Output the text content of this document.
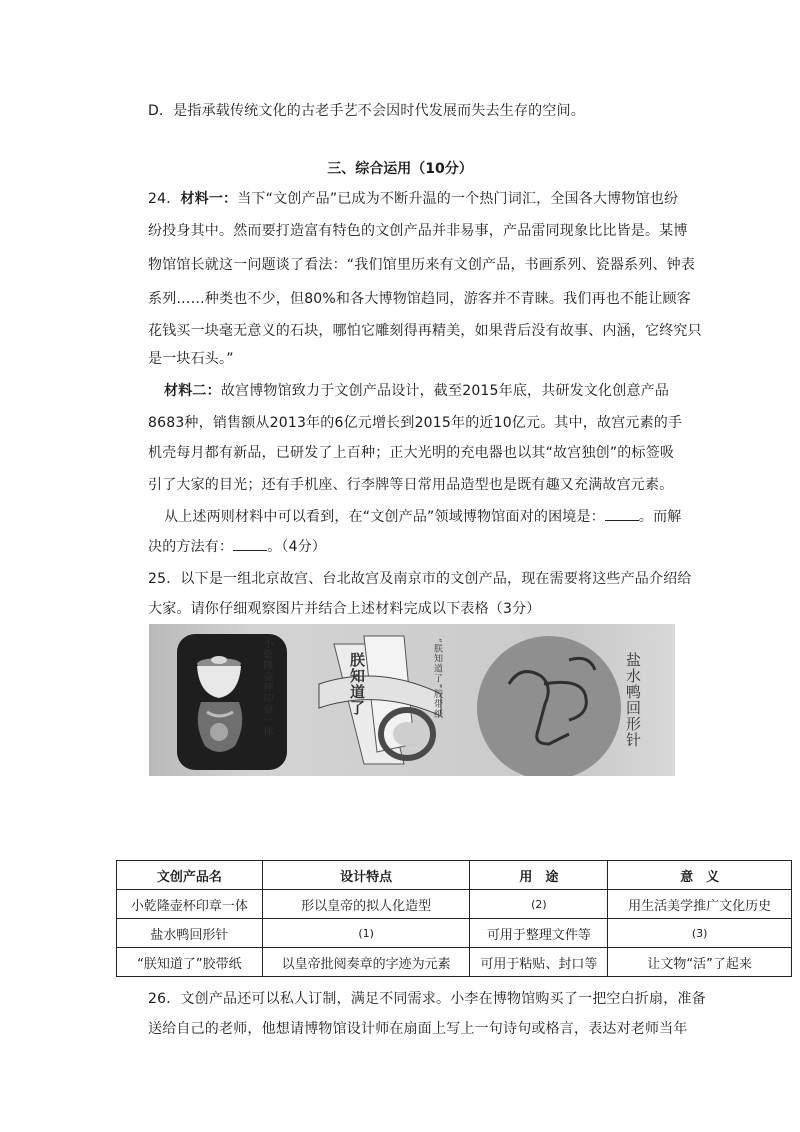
D．是指承载传统文化的古老手艺不会因时代发展而失去生存的空间。
三、综合运用（10分）
24．材料一：当下“文创产品”已成为不断升温的一个热门词汇，全国各大博物馆也纷
纷投身其中。然而要打造富有特色的文创产品并非易事，产品雷同现象比比皆是。某博
物馆馆长就这一问题谈了看法：“我们馆里历来有文创产品，书画系列、瓷器系列、钟表
系列……种类也不少，但80%和各大博物馆趋同，游客并不青睐。我们再也不能让顾客
花钱买一块毫无意义的石块，哪怕它雕刻得再精美，如果背后没有故事、内涵，它终究只
是一块石头。”
材料二：故宫博物馆致力于文创产品设计，截至2015年底，共研发文化创意产品
8683种，销售额从2013年的6亿元增长到2015年的近10亿元。其中，故宫元素的手
机壳每月都有新品，已研发了上百种；正大光明的充电器也以其“故宫独创”的标签吸
引了大家的目光；还有手机座、行李牌等日常用品造型也是既有趣又充满故宫元素。
从上述两则材料中可以看到，在“文创产品”领域博物馆面对的困境是： 。而解
决的方法有： 。（4分）
25．以下是一组北京故宫、台北故宫及南京市的文创产品，现在需要将这些产品介绍给
大家。请你仔细观察图片并结合上述材料完成以下表格（3分）
小乾隆壶杯印章一体	“朕知道了”胶带纸
朕知道了	盐水鸭回形针
文创产品名	设计特点	用　途	意　义
小乾隆壶杯印章一体	形以皇帝的拟人化造型	(2)	用生活美学推广文化历史
盐水鸭回形针	(1)	可用于整理文件等	(3)
“朕知道了”胶带纸	以皇帝批阅奏章的字迹为元素	可用于粘贴、封口等	让文物“活”了起来
26．文创产品还可以私人订制，满足不同需求。小李在博物馆购买了一把空白折扇，准备
送给自己的老师，他想请博物馆设计师在扇面上写上一句诗句或格言，表达对老师当年
